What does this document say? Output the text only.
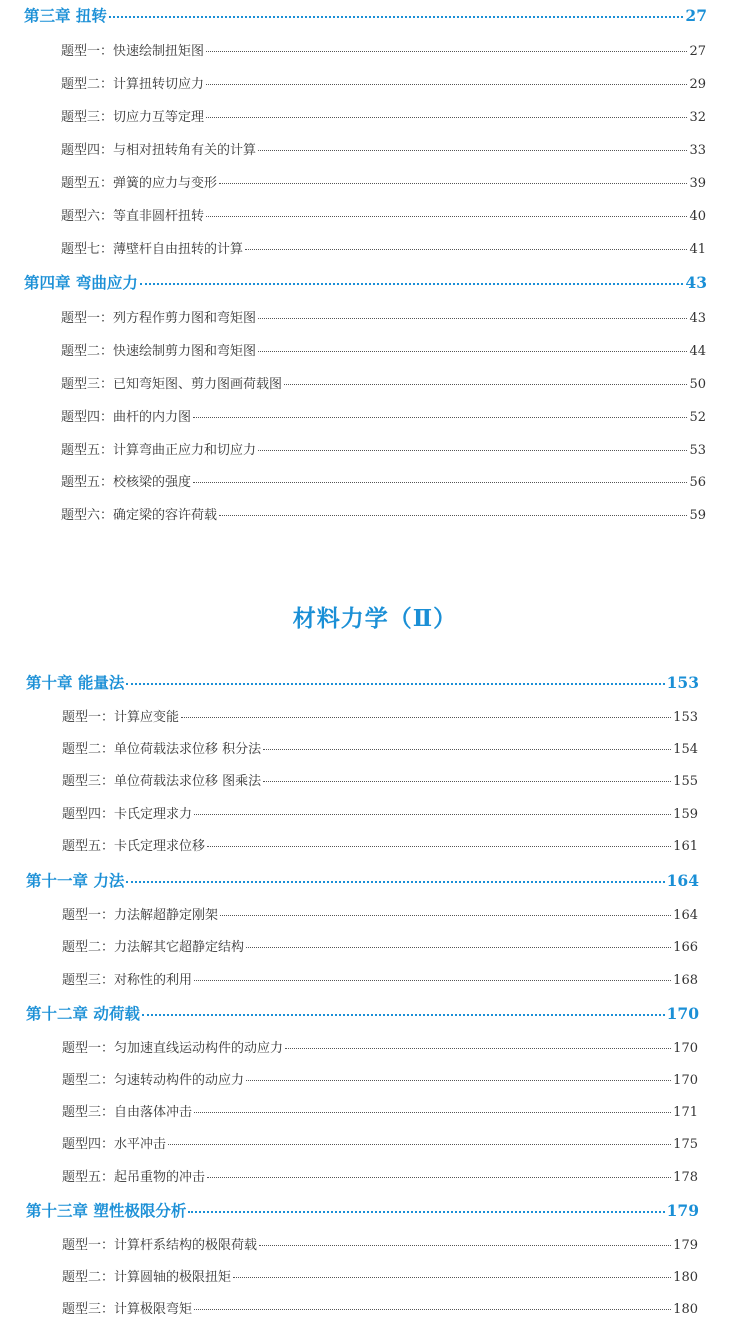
第三章 扭转	27
题型一：快速绘制扭矩图	27
题型二：计算扭转切应力	29
题型三：切应力互等定理	32
题型四：与相对扭转角有关的计算	33
题型五：弹簧的应力与变形	39
题型六：等直非圆杆扭转	40
题型七：薄壁杆自由扭转的计算	41
第四章 弯曲应力	43
题型一：列方程作剪力图和弯矩图	43
题型二：快速绘制剪力图和弯矩图	44
题型三：已知弯矩图、剪力图画荷载图	50
题型四：曲杆的内力图	52
题型五：计算弯曲正应力和切应力	53
题型五：校核梁的强度	56
题型六：确定梁的容许荷载	59
材料力学（Ⅱ）
第十章 能量法	153
题型一：计算应变能	153
题型二：单位荷载法求位移 积分法	154
题型三：单位荷载法求位移 图乘法	155
题型四：卡氏定理求力	159
题型五：卡氏定理求位移	161
第十一章 力法	164
题型一：力法解超静定刚架	164
题型二：力法解其它超静定结构	166
题型三：对称性的利用	168
第十二章 动荷载	170
题型一：匀加速直线运动构件的动应力	170
题型二：匀速转动构件的动应力	170
题型三：自由落体冲击	171
题型四：水平冲击	175
题型五：起吊重物的冲击	178
第十三章 塑性极限分析	179
题型一：计算杆系结构的极限荷载	179
题型二：计算圆轴的极限扭矩	180
题型三：计算极限弯矩	180
